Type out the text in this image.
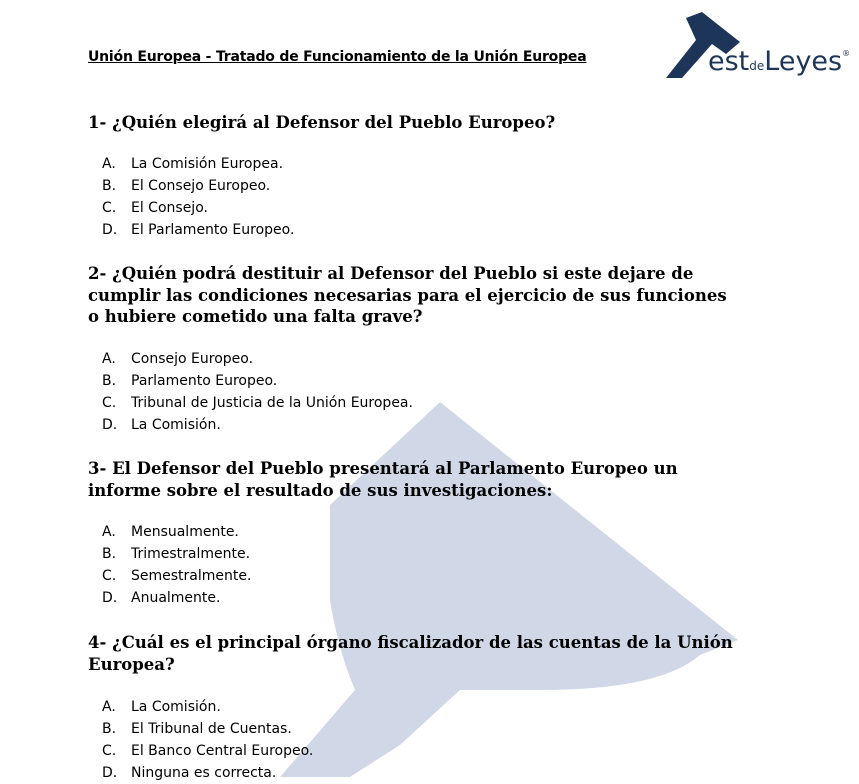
Unión Europea - Tratado de Funcionamiento de la Unión Europea	estdeLeyes®

1- ¿Quién elegirá al Defensor del Pueblo Europeo?

A. La Comisión Europea.
B. El Consejo Europeo.
C. El Consejo.
D. El Parlamento Europeo.

2- ¿Quién podrá destituir al Defensor del Pueblo si este dejare de cumplir las condiciones necesarias para el ejercicio de sus funciones o hubiere cometido una falta grave?

A. Consejo Europeo.
B. Parlamento Europeo.
C. Tribunal de Justicia de la Unión Europea.
D. La Comisión.

3- El Defensor del Pueblo presentará al Parlamento Europeo un informe sobre el resultado de sus investigaciones:

A. Mensualmente.
B. Trimestralmente.
C. Semestralmente.
D. Anualmente.

4- ¿Cuál es el principal órgano fiscalizador de las cuentas de la Unión Europea?

A. La Comisión.
B. El Tribunal de Cuentas.
C. El Banco Central Europeo.
D. Ninguna es correcta.
